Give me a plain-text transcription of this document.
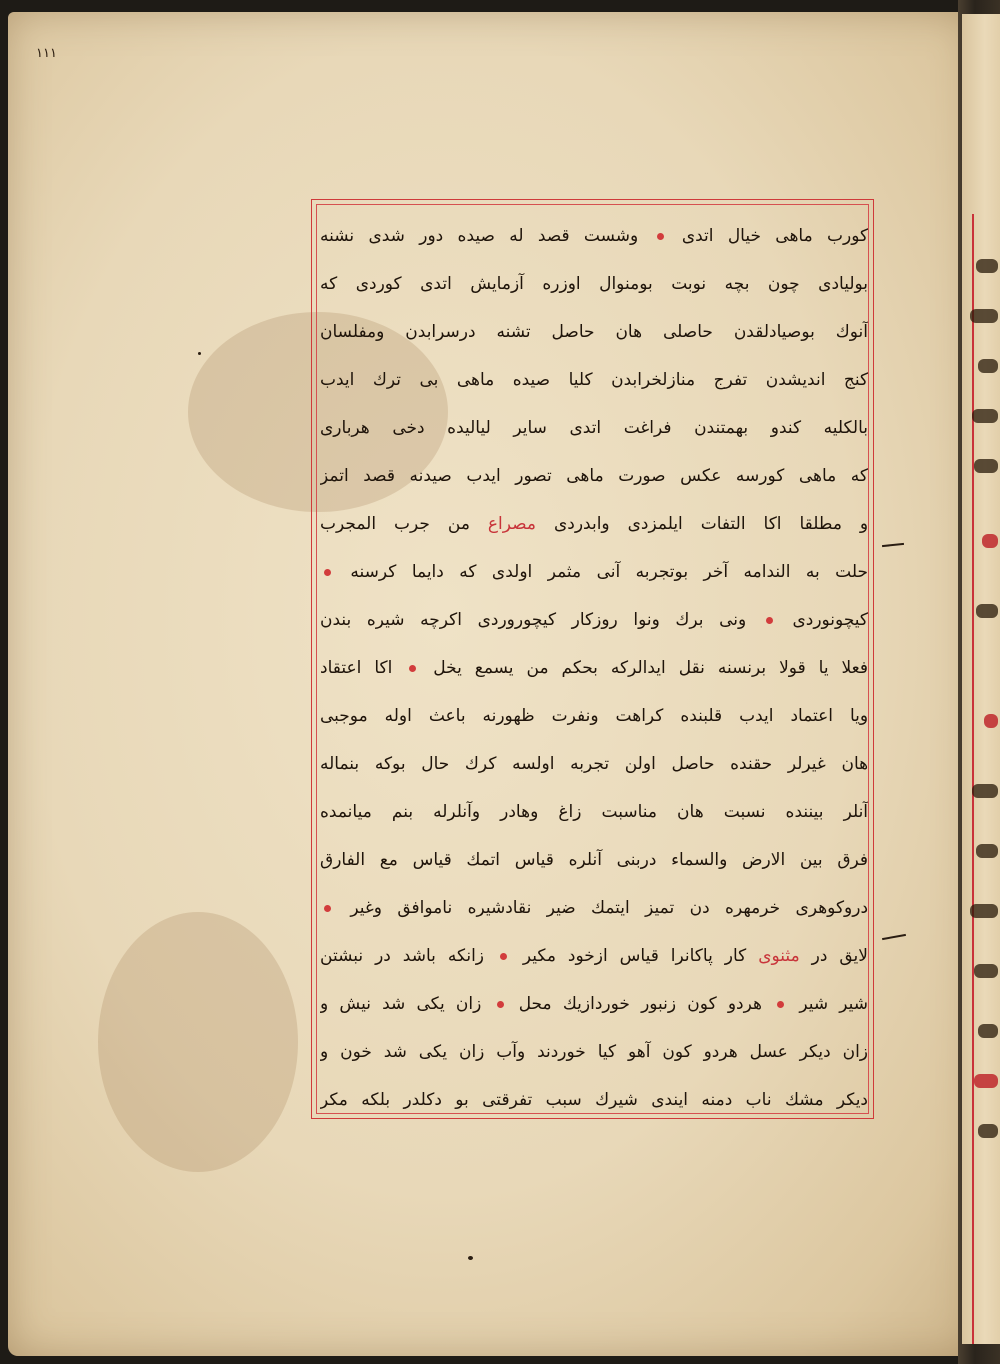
۱۱۱
کورب ماهی خیال اتدی  وشست قصد له صیده دور شدی نشنه
بولیادی چون بچه نوبت بومنوال اوزره آزمایش اتدی کوردی که
آنوك بوصیادلقدن حاصلی هان حاصل تشنه درسرابدن ومفلسان
کنج اندیشدن تفرج منازلخرابدن کلیا صیده ماهی بی ترك ایدب
بالکلیه کندو بهمتندن فراغت اتدی سایر لیالیده دخی هرباری
که ماهی کورسه عکس صورت ماهی تصور ایدب صیدنه قصد اتمز
و مطلقا اکا التفات ایلمزدی وابدردی مصراع من جرب المجرب
حلت به الندامه آخر بوتجربه آنی مثمر اولدی که دایما کرسنه
کیچونوردی  ونی برك ونوا روزکار کیچوروردی اکرچه شیره بندن
فعلا یا قولا برنسنه نقل ایدالرکه بحکم من یسمع یخل  اکا اعتقاد
ویا اعتماد ایدب قلبنده کراهت ونفرت ظهورنه باعث اوله موجبی
هان غیرلر حقنده حاصل اولن تجربه اولسه کرك حال بوکه بنماله
آنلر بیننده نسبت هان مناسبت زاغ وهادر وآنلرله بنم میانمده
فرق بین الارض والسماء دربنی آنلره قیاس اتمك قیاس مع الفارق
دروکوهری خرمهره دن تمیز ایتمك ضیر نقادشیره ناموافق وغیر
لایق در مثنوی کار پاکانرا قیاس ازخود مکیر  زانکه باشد در نبشتن
شیر شیر  هردو کون زنبور خوردازیك محل  زان یکی شد نیش و
زان دیکر عسل هردو کون آهو کیا خوردند وآب زان یکی شد خون و
دیکر مشك ناب دمنه ایندی شیرك سبب تفرقتی بو دکلدر بلکه مکر
